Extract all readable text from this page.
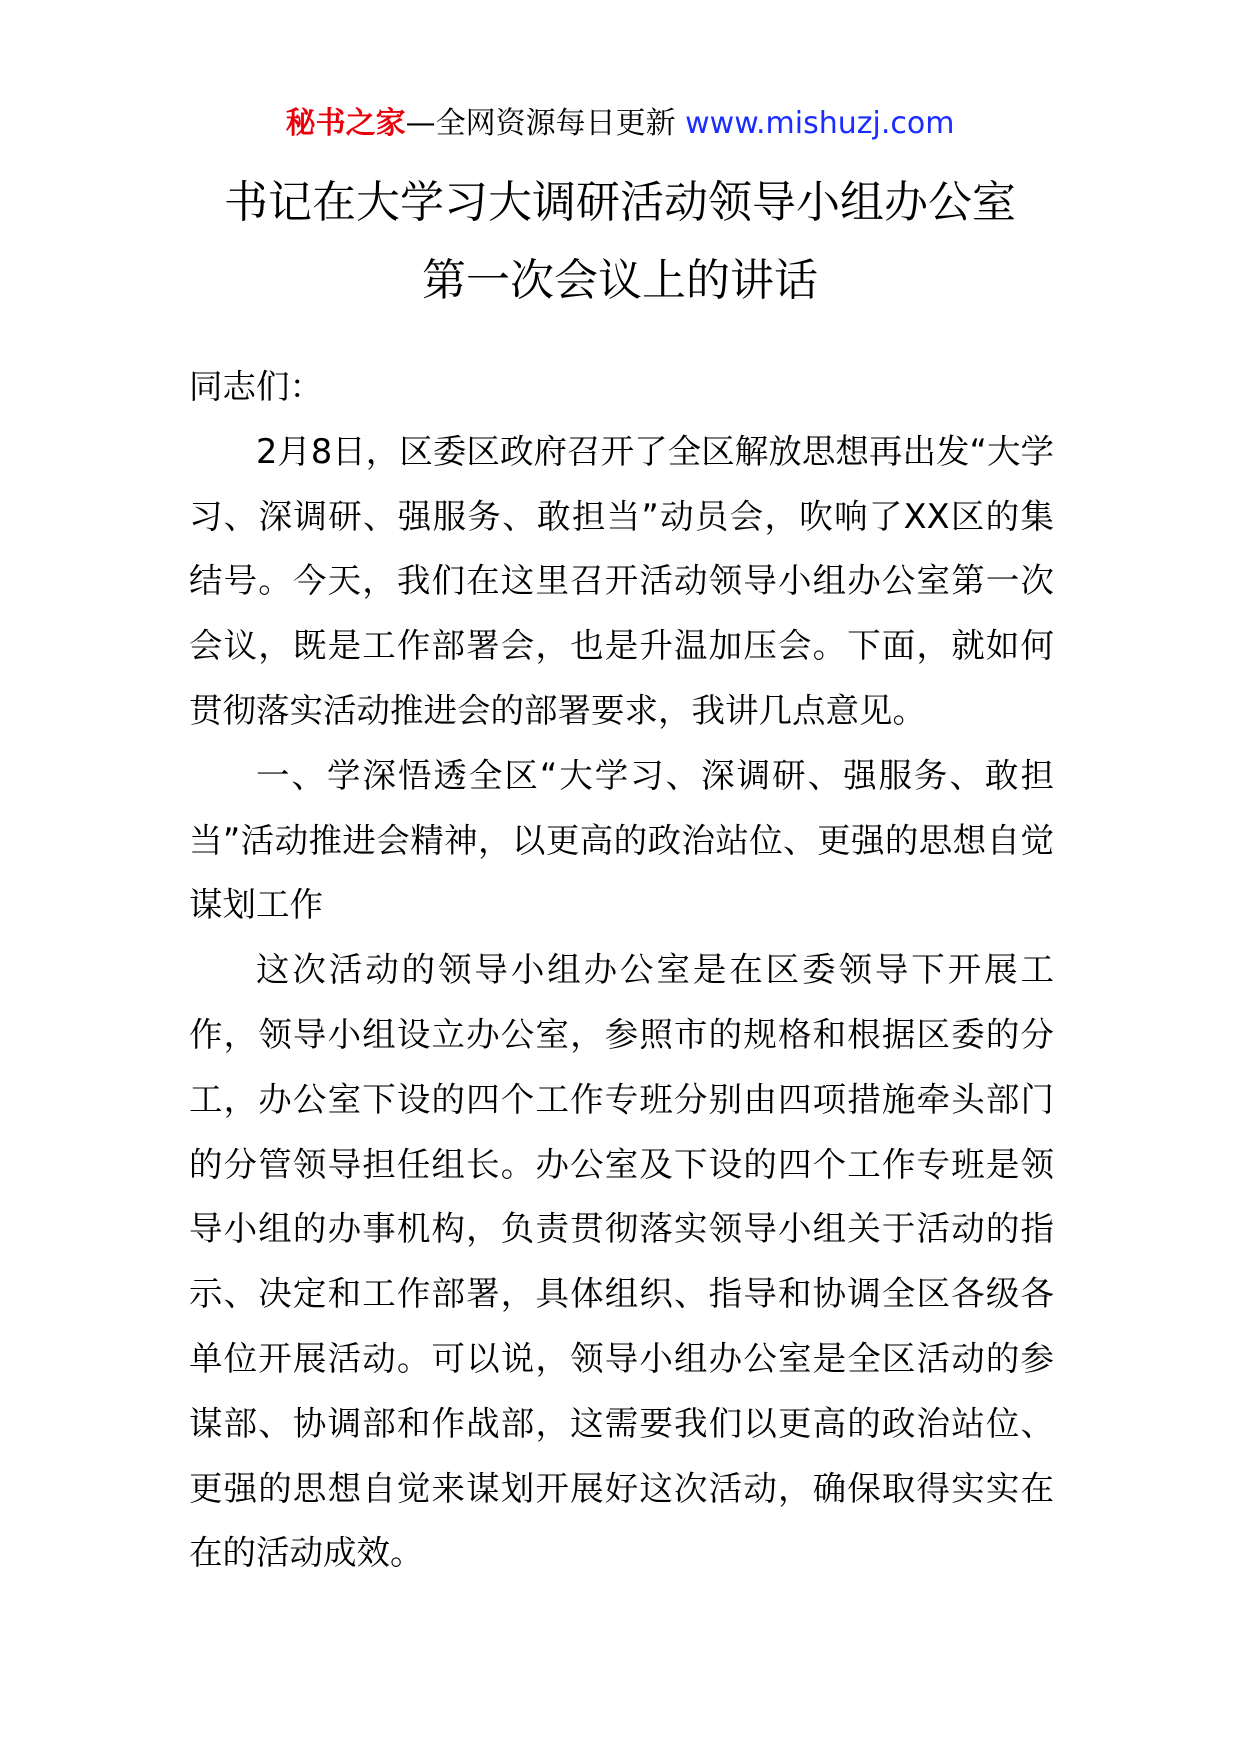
秘书之家—全网资源每日更新 www.mishuzj.com
书记在大学习大调研活动领导小组办公室
第一次会议上的讲话

同志们：

2月8日，区委区政府召开了全区解放思想再出发“大学习、深调研、强服务、敢担当”动员会，吹响了XX区的集结号。今天，我们在这里召开活动领导小组办公室第一次会议，既是工作部署会，也是升温加压会。下面，就如何贯彻落实活动推进会的部署要求，我讲几点意见。

一、学深悟透全区“大学习、深调研、强服务、敢担当”活动推进会精神，以更高的政治站位、更强的思想自觉谋划工作

这次活动的领导小组办公室是在区委领导下开展工作，领导小组设立办公室，参照市的规格和根据区委的分工，办公室下设的四个工作专班分别由四项措施牵头部门的分管领导担任组长。办公室及下设的四个工作专班是领导小组的办事机构，负责贯彻落实领导小组关于活动的指示、决定和工作部署，具体组织、指导和协调全区各级各单位开展活动。可以说，领导小组办公室是全区活动的参谋部、协调部和作战部，这需要我们以更高的政治站位、更强的思想自觉来谋划开展好这次活动，确保取得实实在在的活动成效。
